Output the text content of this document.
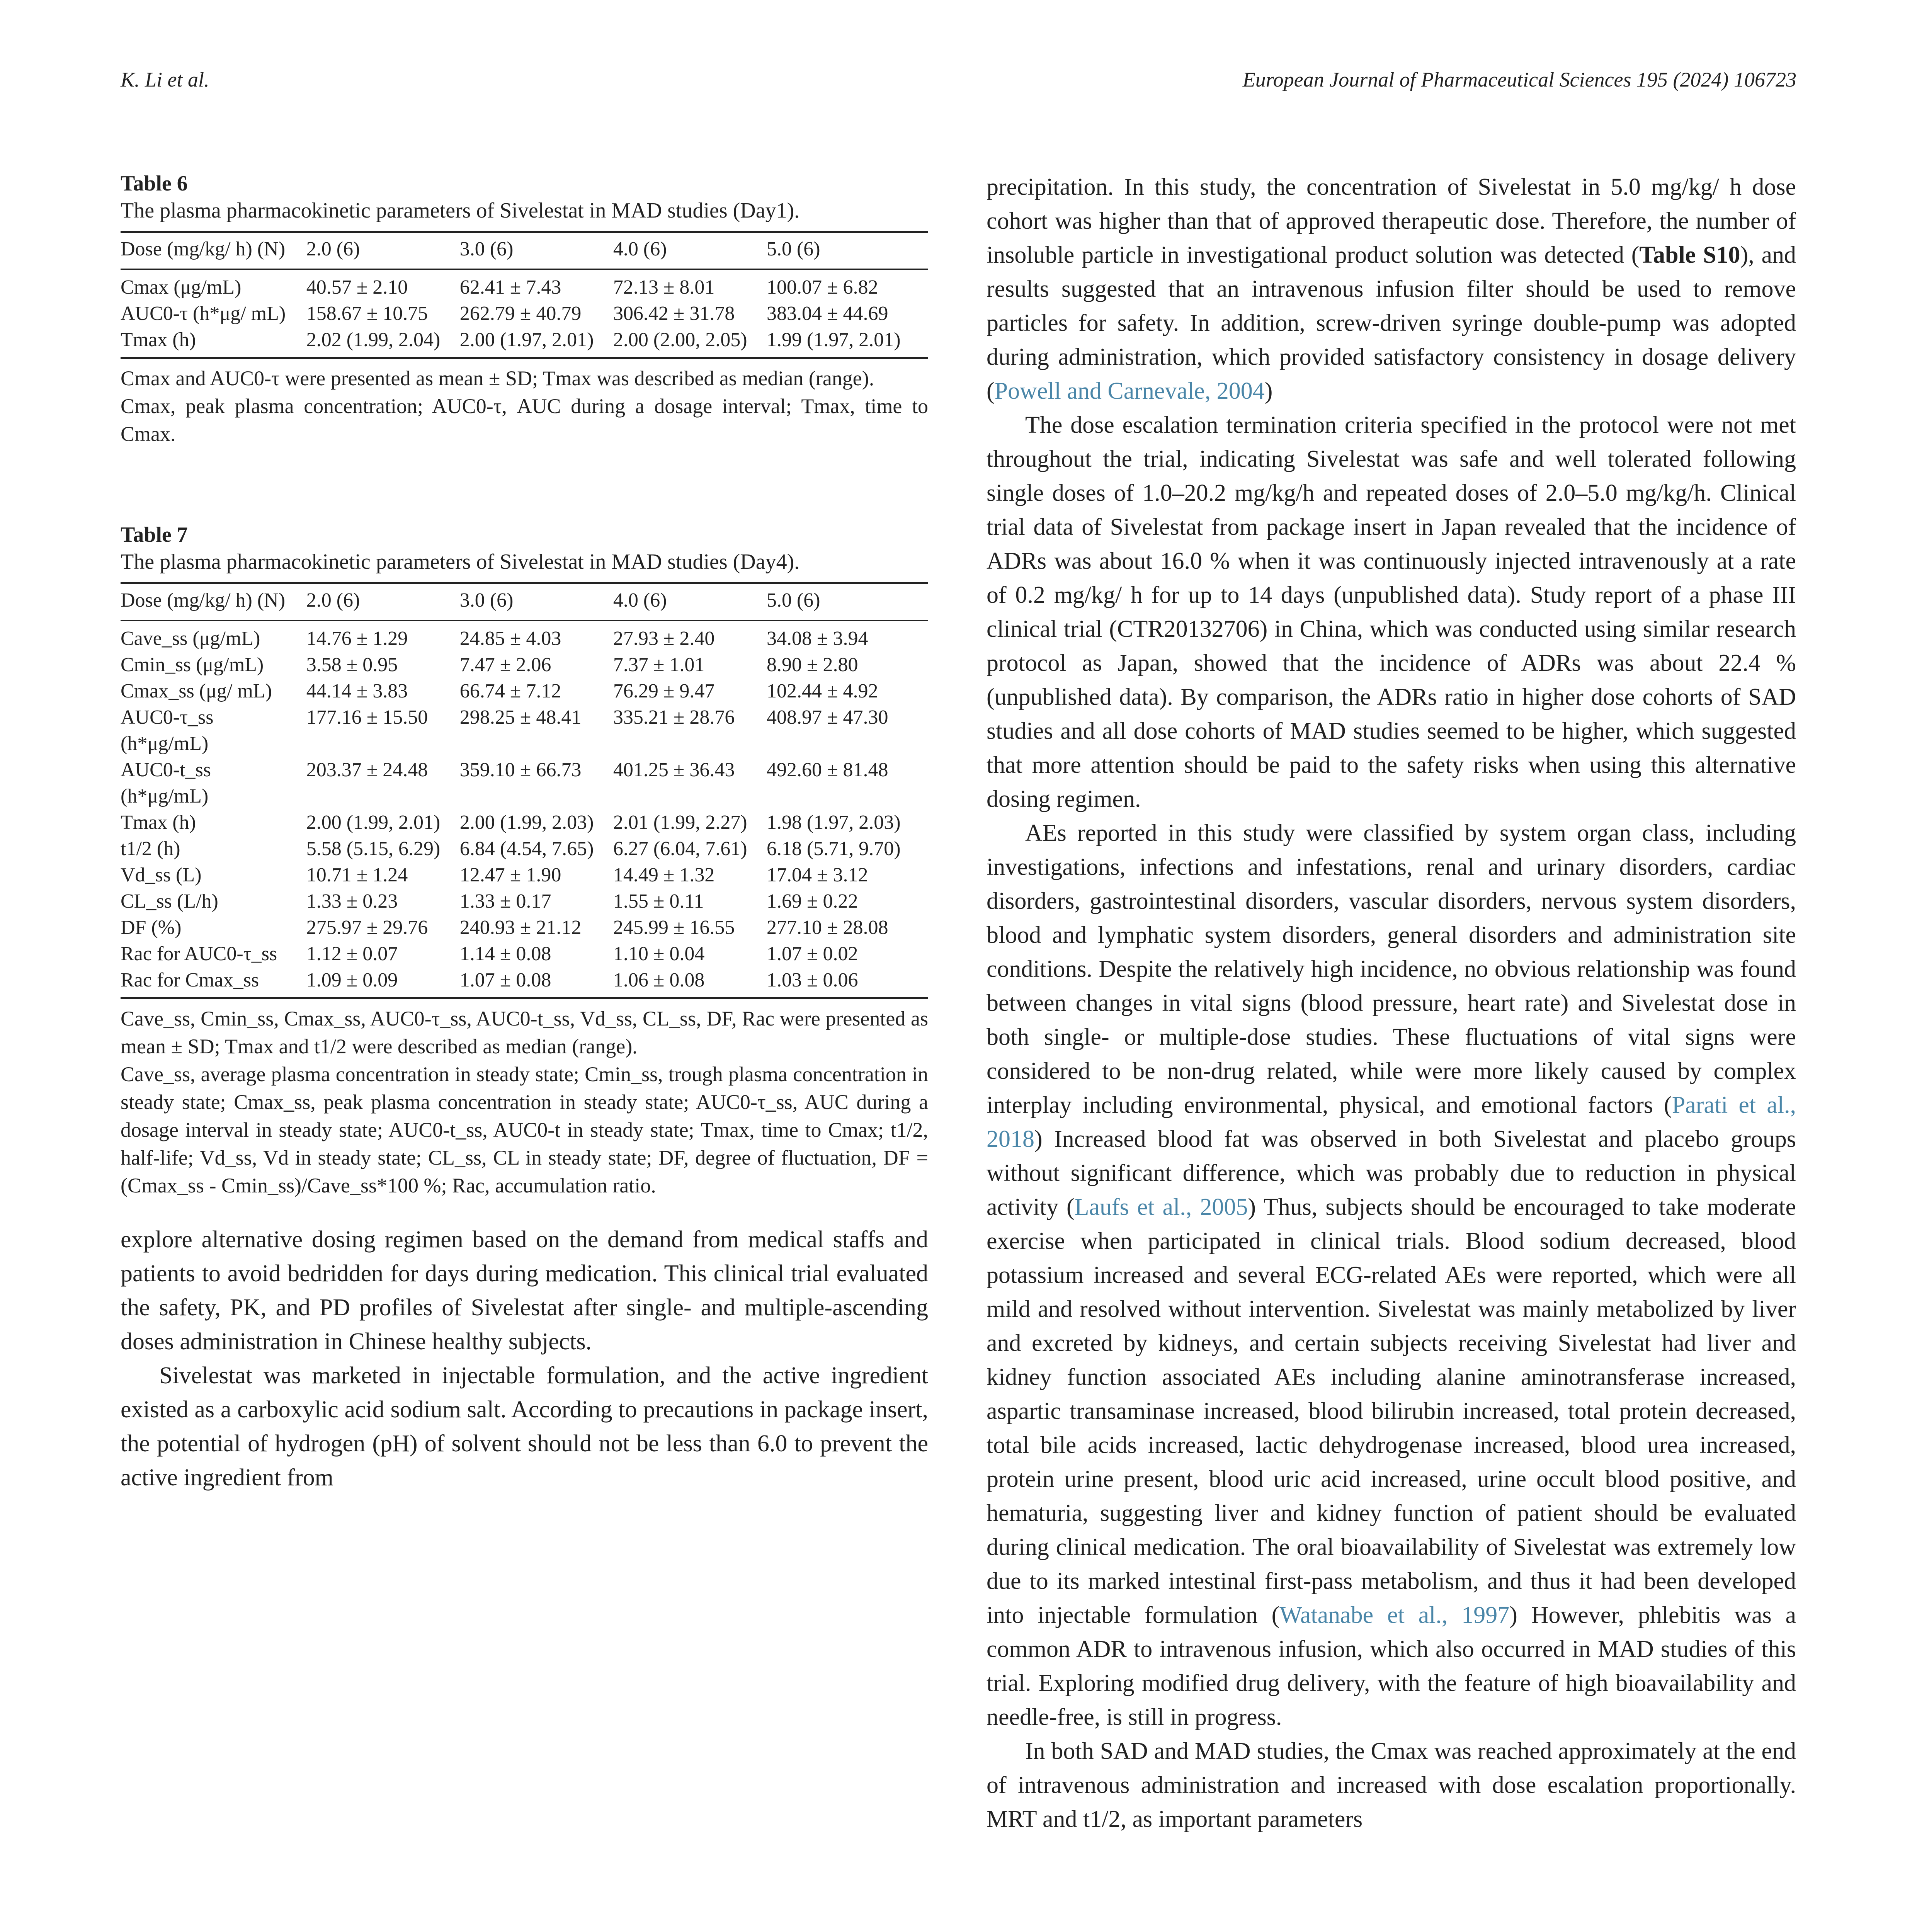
K. Li et al.	European Journal of Pharmaceutical Sciences 195 (2024) 106723
Table 6
The plasma pharmacokinetic parameters of Sivelestat in MAD studies (Day1).
Dose (mg/kg/ h) (N)	2.0 (6)	3.0 (6)	4.0 (6)	5.0 (6)
Cmax (μg/mL)	40.57 ± 2.10	62.41 ± 7.43	72.13 ± 8.01	100.07 ± 6.82
AUC0-τ (h*μg/ mL)	158.67 ± 10.75	262.79 ± 40.79	306.42 ± 31.78	383.04 ± 44.69
Tmax (h)	2.02 (1.99, 2.04)	2.00 (1.97, 2.01)	2.00 (2.00, 2.05)	1.99 (1.97, 2.01)
Cmax and AUC0-τ were presented as mean ± SD; Tmax was described as median (range).
Cmax, peak plasma concentration; AUC0-τ, AUC during a dosage interval; Tmax, time to Cmax.
Table 7
The plasma pharmacokinetic parameters of Sivelestat in MAD studies (Day4).
Dose (mg/kg/ h) (N)	2.0 (6)	3.0 (6)	4.0 (6)	5.0 (6)
Cave_ss (μg/mL)	14.76 ± 1.29	24.85 ± 4.03	27.93 ± 2.40	34.08 ± 3.94
Cmin_ss (μg/mL)	3.58 ± 0.95	7.47 ± 2.06	7.37 ± 1.01	8.90 ± 2.80
Cmax_ss (μg/ mL)	44.14 ± 3.83	66.74 ± 7.12	76.29 ± 9.47	102.44 ± 4.92
AUC0-τ_ss (h*μg/mL)	177.16 ± 15.50	298.25 ± 48.41	335.21 ± 28.76	408.97 ± 47.30
AUC0-t_ss (h*μg/mL)	203.37 ± 24.48	359.10 ± 66.73	401.25 ± 36.43	492.60 ± 81.48
Tmax (h)	2.00 (1.99, 2.01)	2.00 (1.99, 2.03)	2.01 (1.99, 2.27)	1.98 (1.97, 2.03)
t1/2 (h)	5.58 (5.15, 6.29)	6.84 (4.54, 7.65)	6.27 (6.04, 7.61)	6.18 (5.71, 9.70)
Vd_ss (L)	10.71 ± 1.24	12.47 ± 1.90	14.49 ± 1.32	17.04 ± 3.12
CL_ss (L/h)	1.33 ± 0.23	1.33 ± 0.17	1.55 ± 0.11	1.69 ± 0.22
DF (%)	275.97 ± 29.76	240.93 ± 21.12	245.99 ± 16.55	277.10 ± 28.08
Rac for AUC0-τ_ss	1.12 ± 0.07	1.14 ± 0.08	1.10 ± 0.04	1.07 ± 0.02
Rac for Cmax_ss	1.09 ± 0.09	1.07 ± 0.08	1.06 ± 0.08	1.03 ± 0.06
Cave_ss, Cmin_ss, Cmax_ss, AUC0-τ_ss, AUC0-t_ss, Vd_ss, CL_ss, DF, Rac were presented as mean ± SD; Tmax and t1/2 were described as median (range).
Cave_ss, average plasma concentration in steady state; Cmin_ss, trough plasma concentration in steady state; Cmax_ss, peak plasma concentration in steady state; AUC0-τ_ss, AUC during a dosage interval in steady state; AUC0-t_ss, AUC0-t in steady state; Tmax, time to Cmax; t1/2, half-life; Vd_ss, Vd in steady state; CL_ss, CL in steady state; DF, degree of fluctuation, DF = (Cmax_ss - Cmin_ss)/Cave_ss*100 %; Rac, accumulation ratio.

explore alternative dosing regimen based on the demand from medical staffs and patients to avoid bedridden for days during medication. This clinical trial evaluated the safety, PK, and PD profiles of Sivelestat after single- and multiple-ascending doses administration in Chinese healthy subjects.

Sivelestat was marketed in injectable formulation, and the active ingredient existed as a carboxylic acid sodium salt. According to precautions in package insert, the potential of hydrogen (pH) of solvent should not be less than 6.0 to prevent the active ingredient from

precipitation. In this study, the concentration of Sivelestat in 5.0 mg/kg/ h dose cohort was higher than that of approved therapeutic dose. Therefore, the number of insoluble particle in investigational product solution was detected (Table S10), and results suggested that an intravenous infusion filter should be used to remove particles for safety. In addition, screw-driven syringe double-pump was adopted during administration, which provided satisfactory consistency in dosage delivery (Powell and Carnevale, 2004)

The dose escalation termination criteria specified in the protocol were not met throughout the trial, indicating Sivelestat was safe and well tolerated following single doses of 1.0–20.2 mg/kg/h and repeated doses of 2.0–5.0 mg/kg/h. Clinical trial data of Sivelestat from package insert in Japan revealed that the incidence of ADRs was about 16.0 % when it was continuously injected intravenously at a rate of 0.2 mg/kg/ h for up to 14 days (unpublished data). Study report of a phase III clinical trial (CTR20132706) in China, which was conducted using similar research protocol as Japan, showed that the incidence of ADRs was about 22.4 % (unpublished data). By comparison, the ADRs ratio in higher dose cohorts of SAD studies and all dose cohorts of MAD studies seemed to be higher, which suggested that more attention should be paid to the safety risks when using this alternative dosing regimen.

AEs reported in this study were classified by system organ class, including investigations, infections and infestations, renal and urinary disorders, cardiac disorders, gastrointestinal disorders, vascular disorders, nervous system disorders, blood and lymphatic system disorders, general disorders and administration site conditions. Despite the relatively high incidence, no obvious relationship was found between changes in vital signs (blood pressure, heart rate) and Sivelestat dose in both single- or multiple-dose studies. These fluctuations of vital signs were considered to be non-drug related, while were more likely caused by complex interplay including environmental, physical, and emotional factors (Parati et al., 2018) Increased blood fat was observed in both Sivelestat and placebo groups without significant difference, which was probably due to reduction in physical activity (Laufs et al., 2005) Thus, subjects should be encouraged to take moderate exercise when participated in clinical trials. Blood sodium decreased, blood potassium increased and several ECG-related AEs were reported, which were all mild and resolved without intervention. Sivelestat was mainly metabolized by liver and excreted by kidneys, and certain subjects receiving Sivelestat had liver and kidney function associated AEs including alanine aminotransferase increased, aspartic transaminase increased, blood bilirubin increased, total protein decreased, total bile acids increased, lactic dehydrogenase increased, blood urea increased, protein urine present, blood uric acid increased, urine occult blood positive, and hematuria, suggesting liver and kidney function of patient should be evaluated during clinical medication. The oral bioavailability of Sivelestat was extremely low due to its marked intestinal first-pass metabolism, and thus it had been developed into injectable formulation (Watanabe et al., 1997) However, phlebitis was a common ADR to intravenous infusion, which also occurred in MAD studies of this trial. Exploring modified drug delivery, with the feature of high bioavailability and needle-free, is still in progress.

In both SAD and MAD studies, the Cmax was reached approximately at the end of intravenous administration and increased with dose escalation proportionally. MRT and t1/2, as important parameters
